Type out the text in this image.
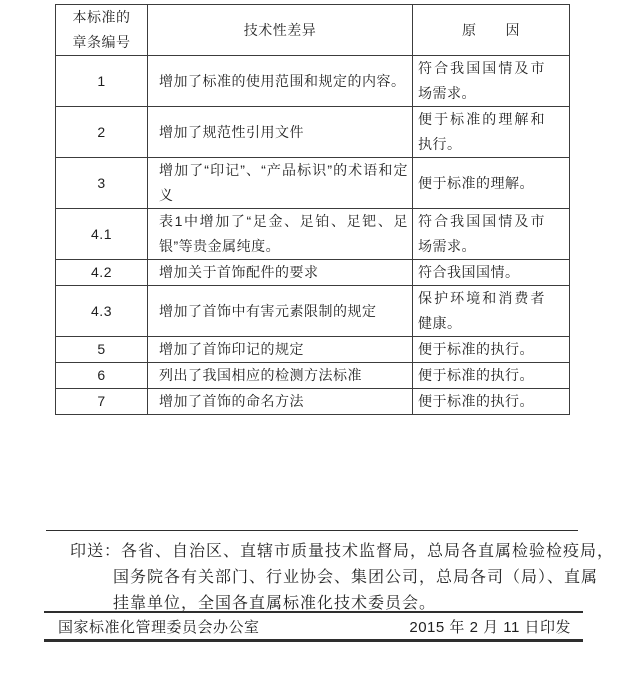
本标准的章条编号	技术性差异	原　　因
1	增加了标准的使用范围和规定的内容。	符合我国国情及市场需求。
2	增加了规范性引用文件	便于标准的理解和执行。
3	增加了“印记”、“产品标识”的术语和定义	便于标准的理解。
4.1	表1中增加了“足金、足铂、足钯、足银”等贵金属纯度。	符合我国国情及市场需求。
4.2	增加关于首饰配件的要求	符合我国国情。
4.3	增加了首饰中有害元素限制的规定	保护环境和消费者健康。
5	增加了首饰印记的规定	便于标准的执行。
6	列出了我国相应的检测方法标准	便于标准的执行。
7	增加了首饰的命名方法	便于标准的执行。
印送：各省、自治区、直辖市质量技术监督局，总局各直属检验检疫局，
国务院各有关部门、行业协会、集团公司，总局各司（局）、直属
挂靠单位，全国各直属标准化技术委员会。
国家标准化管理委员会办公室	2015 年 2 月 11 日印发
